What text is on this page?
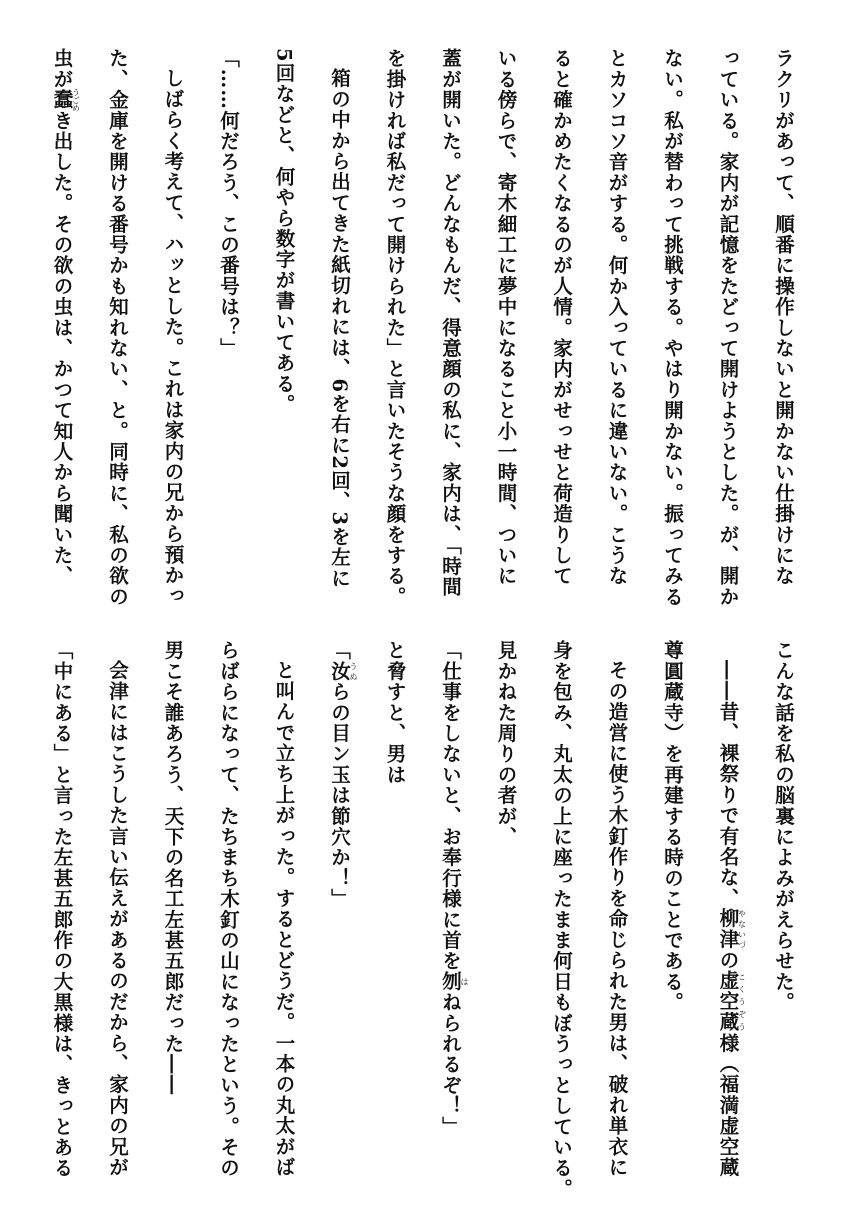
ラクリがあって、順番に操作しないと開かない仕掛けにな
っている。家内が記憶をたどって開けようとした。が、開か
ない。私が替わって挑戦する。やはり開かない。振ってみる
とカソコソ音がする。何か入っているに違いない。こうな
ると確かめたくなるのが人情。家内がせっせと荷造りして
いる傍らで、寄木細工に夢中になること小一時間、ついに
蓋が開いた。どんなもんだ、得意顔の私に、家内は、「時間
を掛ければ私だって開けられた」と言いたそうな顔をする。
箱の中から出てきた紙切れには、6を右に2回、3を左に
5回などと、何やら数字が書いてある。
「……何だろう、この番号は？」
しばらく考えて、ハッとした。これは家内の兄から預かっ
た、金庫を開ける番号かも知れない、と。同時に、私の欲の
虫が蠢うごめき出した。その欲の虫は、かつて知人から聞いた、
こんな話を私の脳裏によみがえらせた。
――昔、裸祭りで有名な、柳津やないづの虚空蔵こくうぞう様（福満虚空蔵
尊圓蔵寺）を再建する時のことである。
その造営に使う木釘作りを命じられた男は、破れ単衣に
身を包み、丸太の上に座ったまま何日もぼうっとしている。
見かねた周りの者が、
「仕事をしないと、お奉行様に首を刎はねられるぞ！」
と脅すと、男は
「汝うぬらの目ン玉は節穴か！」
と叫んで立ち上がった。するとどうだ。一本の丸太がば
らばらになって、たちまち木釘の山になったという。その
男こそ誰あろう、天下の名工左甚五郎だった――
会津にはこうした言い伝えがあるのだから、家内の兄が
「中にある」と言った左甚五郎作の大黒様は、きっとある
